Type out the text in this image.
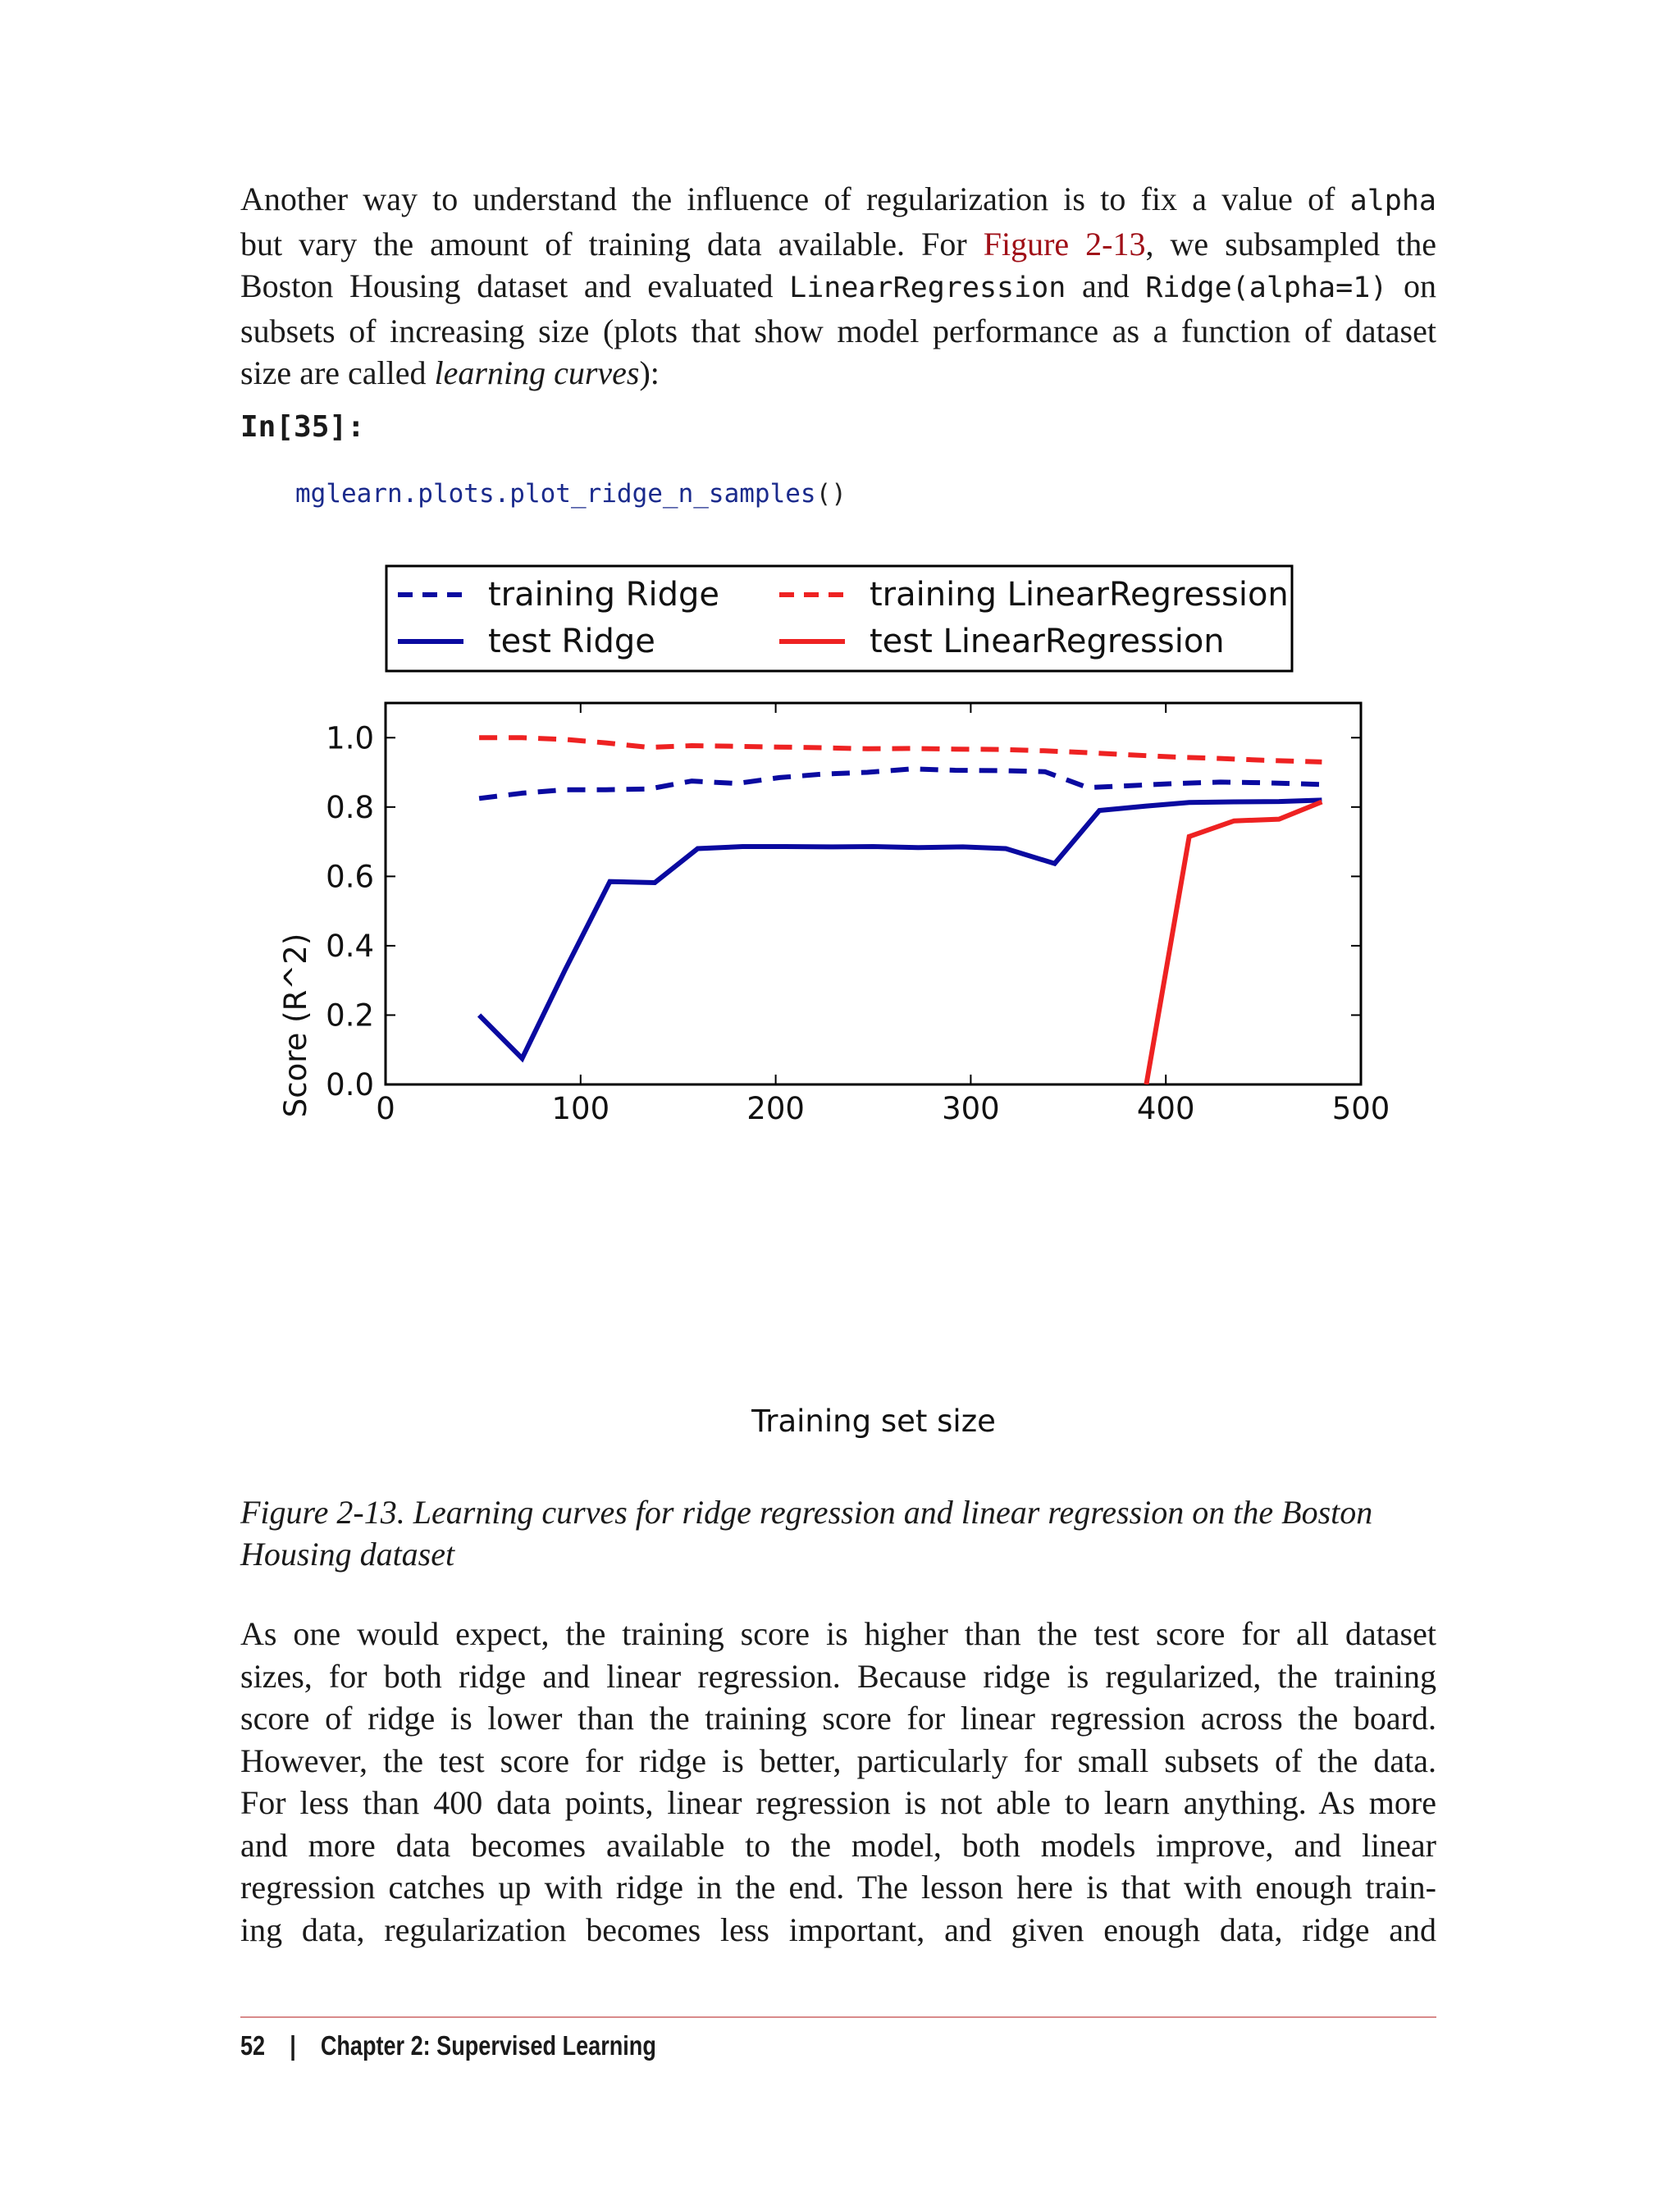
Another way to understand the influence of regularization is to fix a value of alpha
but vary the amount of training data available. For Figure 2-13, we subsampled the
Boston Housing dataset and evaluated LinearRegression and Ridge(alpha=1) on
subsets of increasing size (plots that show model performance as a function of dataset
size are called learning curves):
In[35]:
mglearn.plots.plot_ridge_n_samples()
training Ridge
test Ridge
training LinearRegression
test LinearRegression
0	100	200	300	400	500
0.0
0.2
0.4
0.6
0.8
1.0
Training set size
Score (R^2)
Figure 2-13. Learning curves for ridge regression and linear regression on the Boston
Housing dataset
As one would expect, the training score is higher than the test score for all dataset
sizes, for both ridge and linear regression. Because ridge is regularized, the training
score of ridge is lower than the training score for linear regression across the board.
However, the test score for ridge is better, particularly for small subsets of the data.
For less than 400 data points, linear regression is not able to learn anything. As more
and more data becomes available to the model, both models improve, and linear
regression catches up with ridge in the end. The lesson here is that with enough train-
ing data, regularization becomes less important, and given enough data, ridge and
52 | Chapter 2: Supervised Learning
